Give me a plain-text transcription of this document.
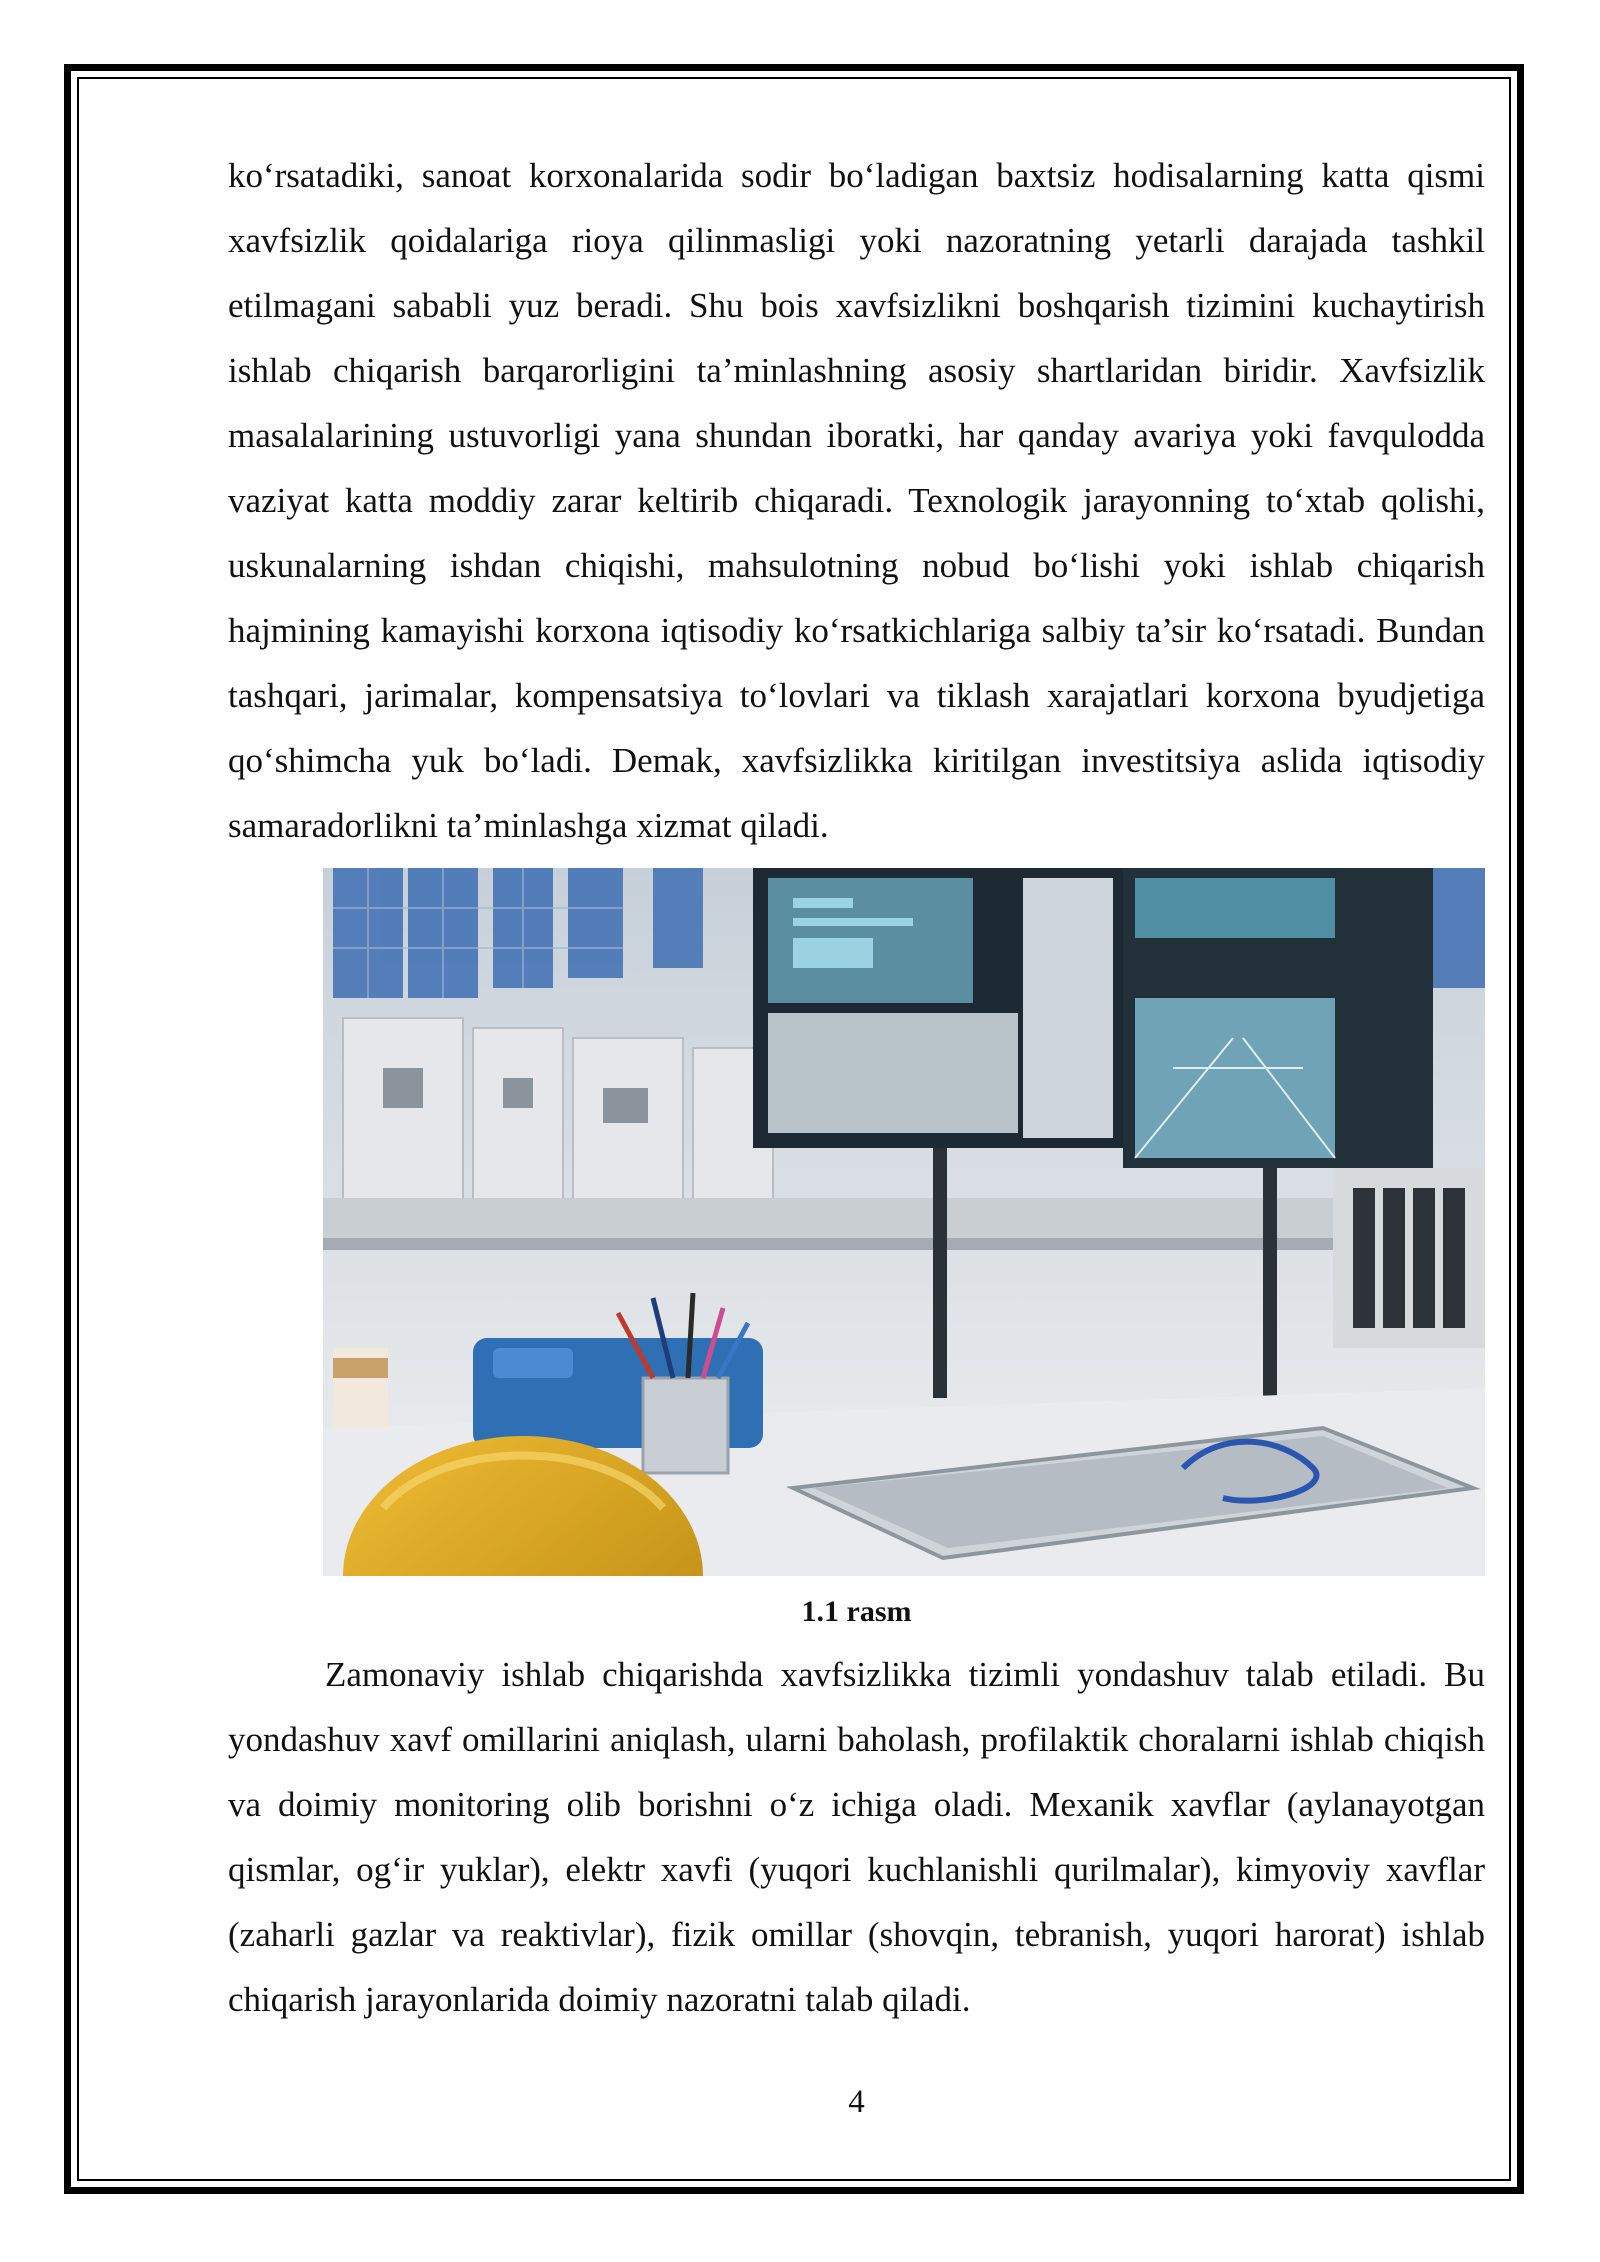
ko‘rsatadiki, sanoat korxonalarida sodir bo‘ladigan baxtsiz hodisalarning katta qismi xavfsizlik qoidalariga rioya qilinmasligi yoki nazoratning yetarli darajada tashkil etilmagani sababli yuz beradi. Shu bois xavfsizlikni boshqarish tizimini kuchaytirish ishlab chiqarish barqarorligini ta’minlashning asosiy shartlaridan biridir. Xavfsizlik masalalarining ustuvorligi yana shundan iboratki, har qanday avariya yoki favqulodda vaziyat katta moddiy zarar keltirib chiqaradi. Texnologik jarayonning to‘xtab qolishi, uskunalarning ishdan chiqishi, mahsulotning nobud bo‘lishi yoki ishlab chiqarish hajmining kamayishi korxona iqtisodiy ko‘rsatkichlariga salbiy ta’sir ko‘rsatadi. Bundan tashqari, jarimalar, kompensatsiya to‘lovlari va tiklash xarajatlari korxona byudjetiga qo‘shimcha yuk bo‘ladi. Demak, xavfsizlikka kiritilgan investitsiya aslida iqtisodiy samaradorlikni ta’minlashga xizmat qiladi.
1.1 rasm
Zamonaviy ishlab chiqarishda xavfsizlikka tizimli yondashuv talab etiladi. Bu yondashuv xavf omillarini aniqlash, ularni baholash, profilaktik choralarni ishlab chiqish va doimiy monitoring olib borishni o‘z ichiga oladi. Mexanik xavflar (aylanayotgan qismlar, og‘ir yuklar), elektr xavfi (yuqori kuchlanishli qurilmalar), kimyoviy xavflar (zaharli gazlar va reaktivlar), fizik omillar (shovqin, tebranish, yuqori harorat) ishlab chiqarish jarayonlarida doimiy nazoratni talab qiladi.
4
